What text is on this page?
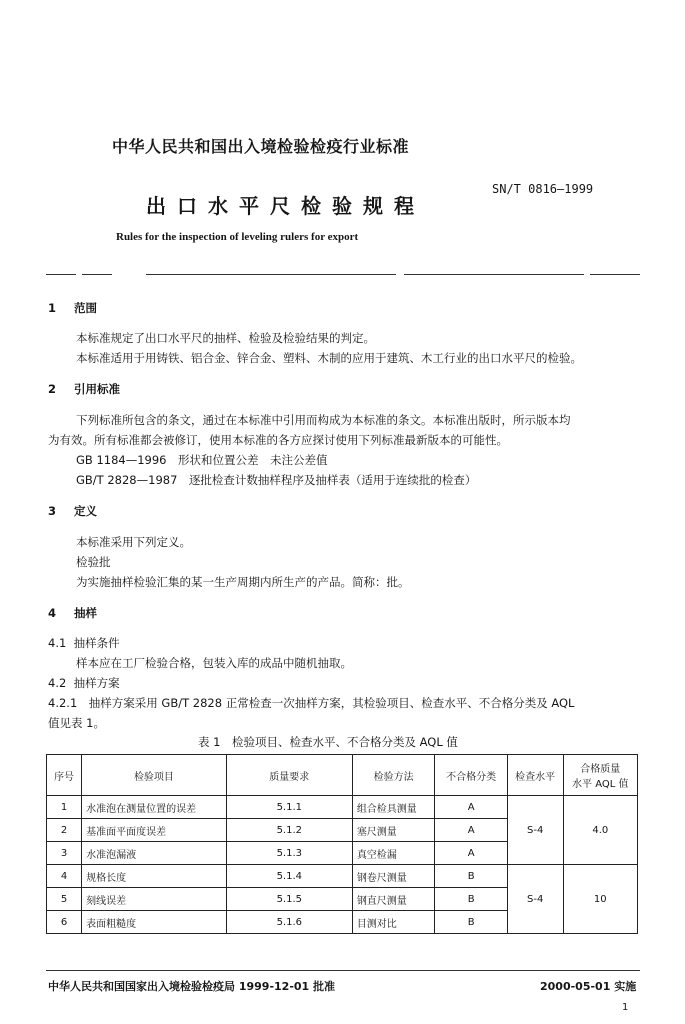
中华人民共和国出入境检验检疫行业标准
出口水平尺检验规程
SN/T 0816—1999
Rules for the inspection of leveling rulers for export
1 范围
本标准规定了出口水平尺的抽样、检验及检验结果的判定。
本标准适用于用铸铁、铝合金、锌合金、塑料、木制的应用于建筑、木工行业的出口水平尺的检验。
2 引用标准
下列标准所包含的条文，通过在本标准中引用而构成为本标准的条文。本标准出版时，所示版本均
为有效。所有标准都会被修订，使用本标准的各方应探讨使用下列标准最新版本的可能性。
GB 1184—1996　形状和位置公差　未注公差值
GB/T 2828—1987　逐批检查计数抽样程序及抽样表（适用于连续批的检查）
3 定义
本标准采用下列定义。
检验批
为实施抽样检验汇集的某一生产周期内所生产的产品。简称：批。
4 抽样
4.1 抽样条件
样本应在工厂检验合格，包装入库的成品中随机抽取。
4.2 抽样方案
4.2.1　抽样方案采用 GB/T 2828 正常检查一次抽样方案，其检验项目、检查水平、不合格分类及 AQL
值见表 1。
表 1　检验项目、检查水平、不合格分类及 AQL 值
序号	检验项目	质量要求	检验方法	不合格分类	检查水平	合格质量
水平 AQL 值

1	水准泡在测量位置的误差	5.1.1	组合检具测量	A	S-4	4.0
2	基准面平面度误差	5.1.2	塞尺测量	A		
3	水准泡漏液	5.1.3	真空检漏	A		
4	规格长度	5.1.4	钢卷尺测量	B	S-4	10
5	刻线误差	5.1.5	钢直尺测量	B		
6	表面粗糙度	5.1.6	目测对比	B		
中华人民共和国国家出入境检验检疫局 1999-12-01 批准	2000-05-01 实施
1
